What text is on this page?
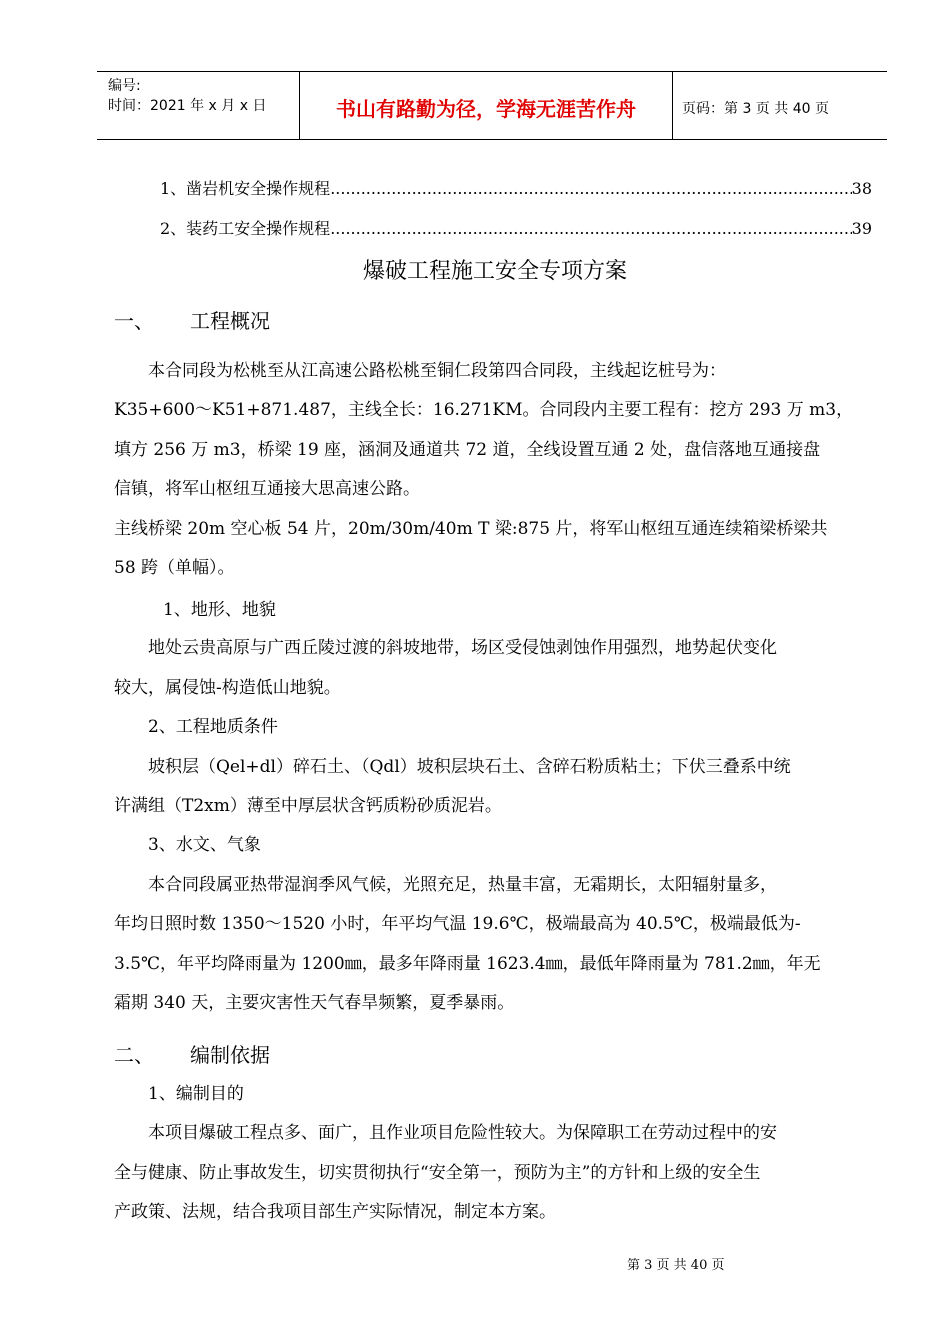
编号:
时间：2021 年 x 月 x 日	书山有路勤为径，学海无涯苦作舟	页码：第 3 页 共 40 页
1、凿岩机安全操作规程 .....	38
2、装药工安全操作规程 .....	39
爆破工程施工安全专项方案
一、 工程概况
本合同段为松桃至从江高速公路松桃至铜仁段第四合同段，主线起讫桩号为：
K35+600～K51+871.487，主线全长：16.271KM。合同段内主要工程有：挖方 293 万 m3，
填方 256 万 m3，桥梁 19 座，涵洞及通道共 72 道，全线设置互通 2 处，盘信落地互通接盘
信镇，将军山枢纽互通接大思高速公路。
主线桥梁 20m 空心板 54 片，20m/30m/40m T 梁:875 片，将军山枢纽互通连续箱梁桥梁共
58 跨（单幅）。
1、地形、地貌
地处云贵高原与广西丘陵过渡的斜坡地带，场区受侵蚀剥蚀作用强烈，地势起伏变化
较大，属侵蚀-构造低山地貌。
2、工程地质条件
坡积层（Qel+dl）碎石土、（Qdl）坡积层块石土、含碎石粉质粘土；下伏三叠系中统
许满组（T2xm）薄至中厚层状含钙质粉砂质泥岩。
3、水文、气象
本合同段属亚热带湿润季风气候，光照充足，热量丰富，无霜期长，太阳辐射量多，
年均日照时数 1350～1520 小时，年平均气温 19.6℃，极端最高为 40.5℃，极端最低为-
3.5℃，年平均降雨量为 1200㎜，最多年降雨量 1623.4㎜，最低年降雨量为 781.2㎜，年无
霜期 340 天，主要灾害性天气春旱频繁，夏季暴雨。
二、 编制依据
1、编制目的
本项目爆破工程点多、面广，且作业项目危险性较大。为保障职工在劳动过程中的安
全与健康、防止事故发生，切实贯彻执行“安全第一，预防为主”的方针和上级的安全生
产政策、法规，结合我项目部生产实际情况，制定本方案。
第 3 页 共 40 页
